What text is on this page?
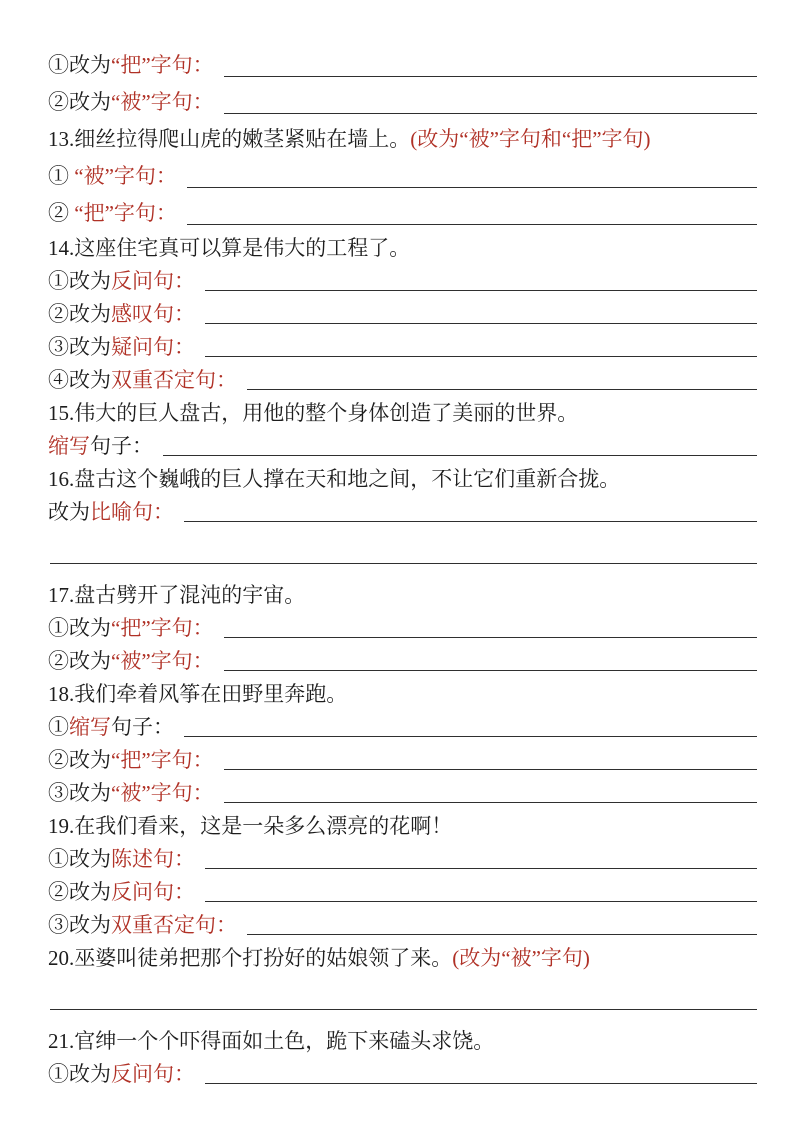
①改为“把”字句：
②改为“被”字句：
13.细丝拉得爬山虎的嫩茎紧贴在墙上。(改为“被”字句和“把”字句)
① “被”字句：
② “把”字句：
14.这座住宅真可以算是伟大的工程了。
①改为反问句：
②改为感叹句：
③改为疑问句：
④改为双重否定句：
15.伟大的巨人盘古，用他的整个身体创造了美丽的世界。
缩写句子：
16.盘古这个巍峨的巨人撑在天和地之间，不让它们重新合拢。
改为比喻句：
17.盘古劈开了混沌的宇宙。
①改为“把”字句：
②改为“被”字句：
18.我们牵着风筝在田野里奔跑。
①缩写句子：
②改为“把”字句：
③改为“被”字句：
19.在我们看来，这是一朵多么漂亮的花啊！
①改为陈述句：
②改为反问句：
③改为双重否定句：
20.巫婆叫徒弟把那个打扮好的姑娘领了来。(改为“被”字句)
21.官绅一个个吓得面如土色，跪下来磕头求饶。
①改为反问句：
